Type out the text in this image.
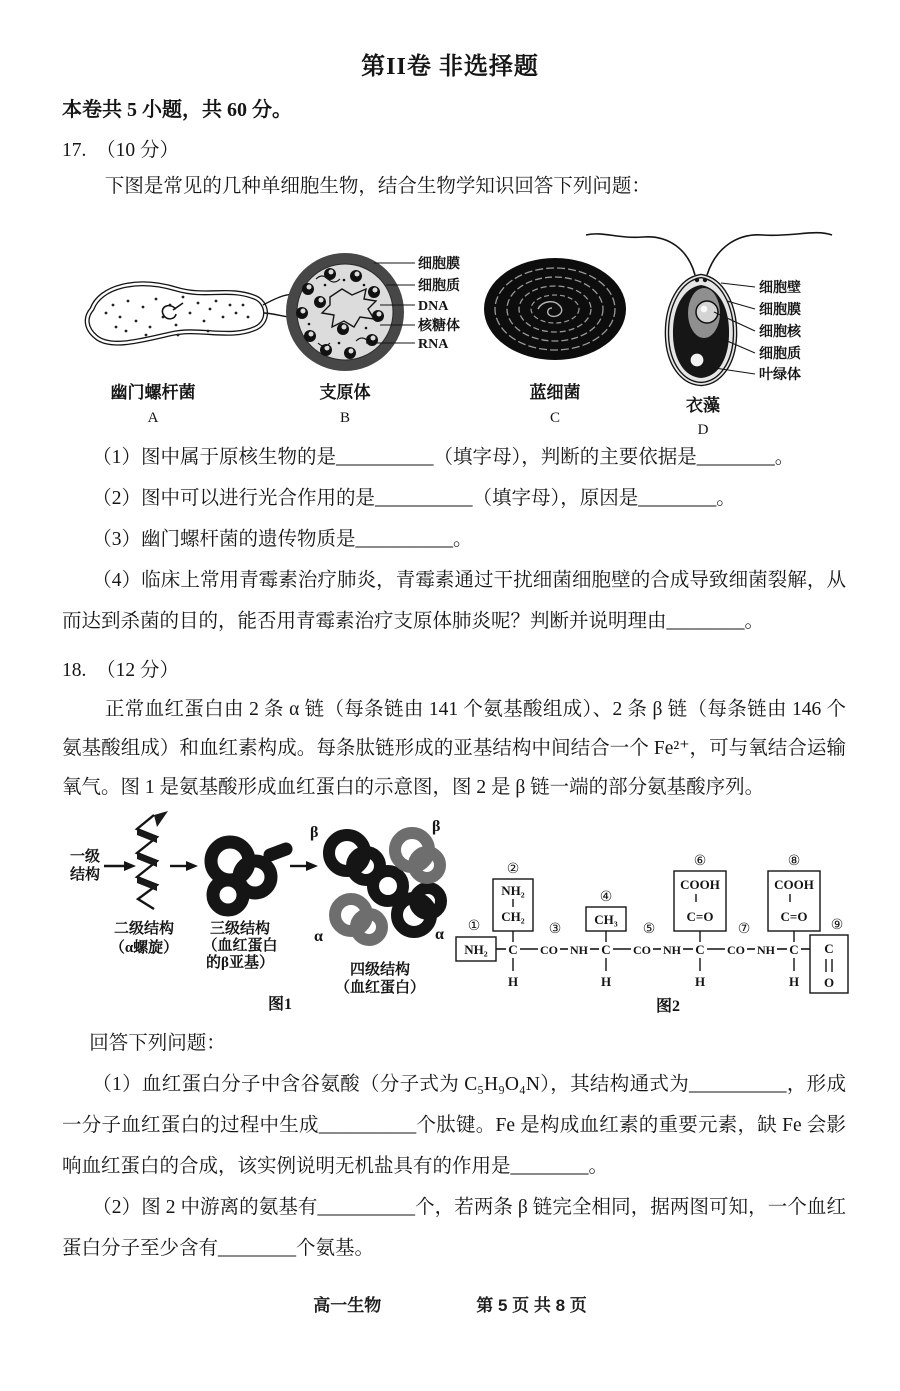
第II卷 非选择题
本卷共 5 小题，共 60 分。
17.　（10 分）

下图是常见的几种单细胞生物，结合生物学知识回答下列问题：

幽门螺杆菌
A
细胞膜
细胞质
DNA
核糖体
RNA
支原体
B
蓝细菌
C
细胞壁
细胞膜
细胞核
细胞质
叶绿体
衣藻
D

（1）图中属于原核生物的是__________（填字母），判断的主要依据是________。

（2）图中可以进行光合作用的是__________（填字母），原因是________。

（3）幽门螺杆菌的遗传物质是__________。

（4）临床上常用青霉素治疗肺炎，青霉素通过干扰细菌细胞壁的合成导致细菌裂解，从而达到杀菌的目的，能否用青霉素治疗支原体肺炎呢？判断并说明理由________。

18.　（12 分）

正常血红蛋白由 2 条 α 链（每条链由 141 个氨基酸组成）、2 条 β 链（每条链由 146 个氨基酸组成）和血红素构成。每条肽链形成的亚基结构中间结合一个 Fe²⁺，可与氧结合运输氧气。图 1 是氨基酸形成血红蛋白的示意图，图 2 是 β 链一端的部分氨基酸序列。

一级
结构
二级结构
（α螺旋）
三级结构
（血红蛋白
的β亚基）
β	β
α	α
四级结构
（血红蛋白）
图1
①
②
③
④
⑤
⑥
⑦
⑧
⑨
NH₂
NH₂
CH₂	CH₃
COOH
C=O
COOH
C=O
C
O
C CO NH C CO NH C CO NH C
H	H	H	H
图2

回答下列问题：

（1）血红蛋白分子中含谷氨酸（分子式为 C₅H₉O₄N），其结构通式为__________，形成一分子血红蛋白的过程中生成__________个肽键。Fe 是构成血红素的重要元素，缺 Fe 会影响血红蛋白的合成，该实例说明无机盐具有的作用是________。

（2）图 2 中游离的氨基有__________个，若两条 β 链完全相同，据两图可知，一个血红蛋白分子至少含有________个氨基。

高一生物	第 5 页 共 8 页
